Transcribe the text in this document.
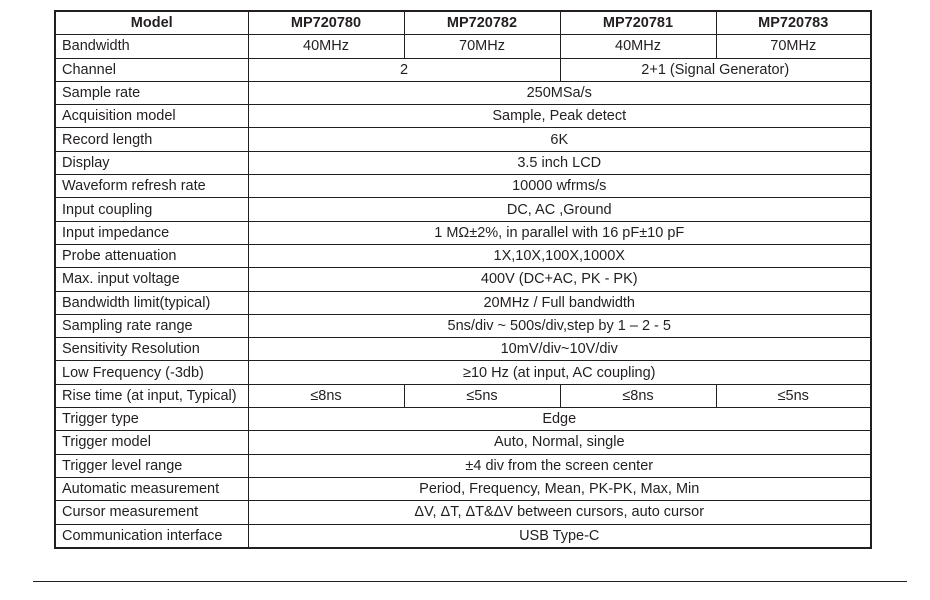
Model	MP720780	MP720782	MP720781	MP720783
Bandwidth	40MHz	70MHz	40MHz	70MHz
Channel	2		2+1 (Signal Generator)	
Sample rate	250MSa/s			
Acquisition model	Sample, Peak detect			
Record length	6K			
Display	3.5 inch LCD			
Waveform refresh rate	10000 wfrms/s			
Input coupling	DC, AC ,Ground			
Input impedance	1 MΩ±2%, in parallel with 16 pF±10 pF			
Probe attenuation	1X,10X,100X,1000X			
Max. input voltage	400V (DC+AC, PK - PK)			
Bandwidth limit(typical)	20MHz / Full bandwidth			
Sampling rate range	5ns/div ~ 500s/div,step by 1 – 2 - 5			
Sensitivity Resolution	10mV/div~10V/div			
Low Frequency (-3db)	≥10 Hz (at input, AC coupling)			
Rise time (at input, Typical)	≤8ns	≤5ns	≤8ns	≤5ns
Trigger type	Edge			
Trigger model	Auto, Normal, single			
Trigger level range	±4 div from the screen center			
Automatic measurement	Period, Frequency, Mean, PK-PK, Max, Min			
Cursor measurement	ΔV, ΔT, ΔT&ΔV between cursors, auto cursor			
Communication interface	USB Type-C			
